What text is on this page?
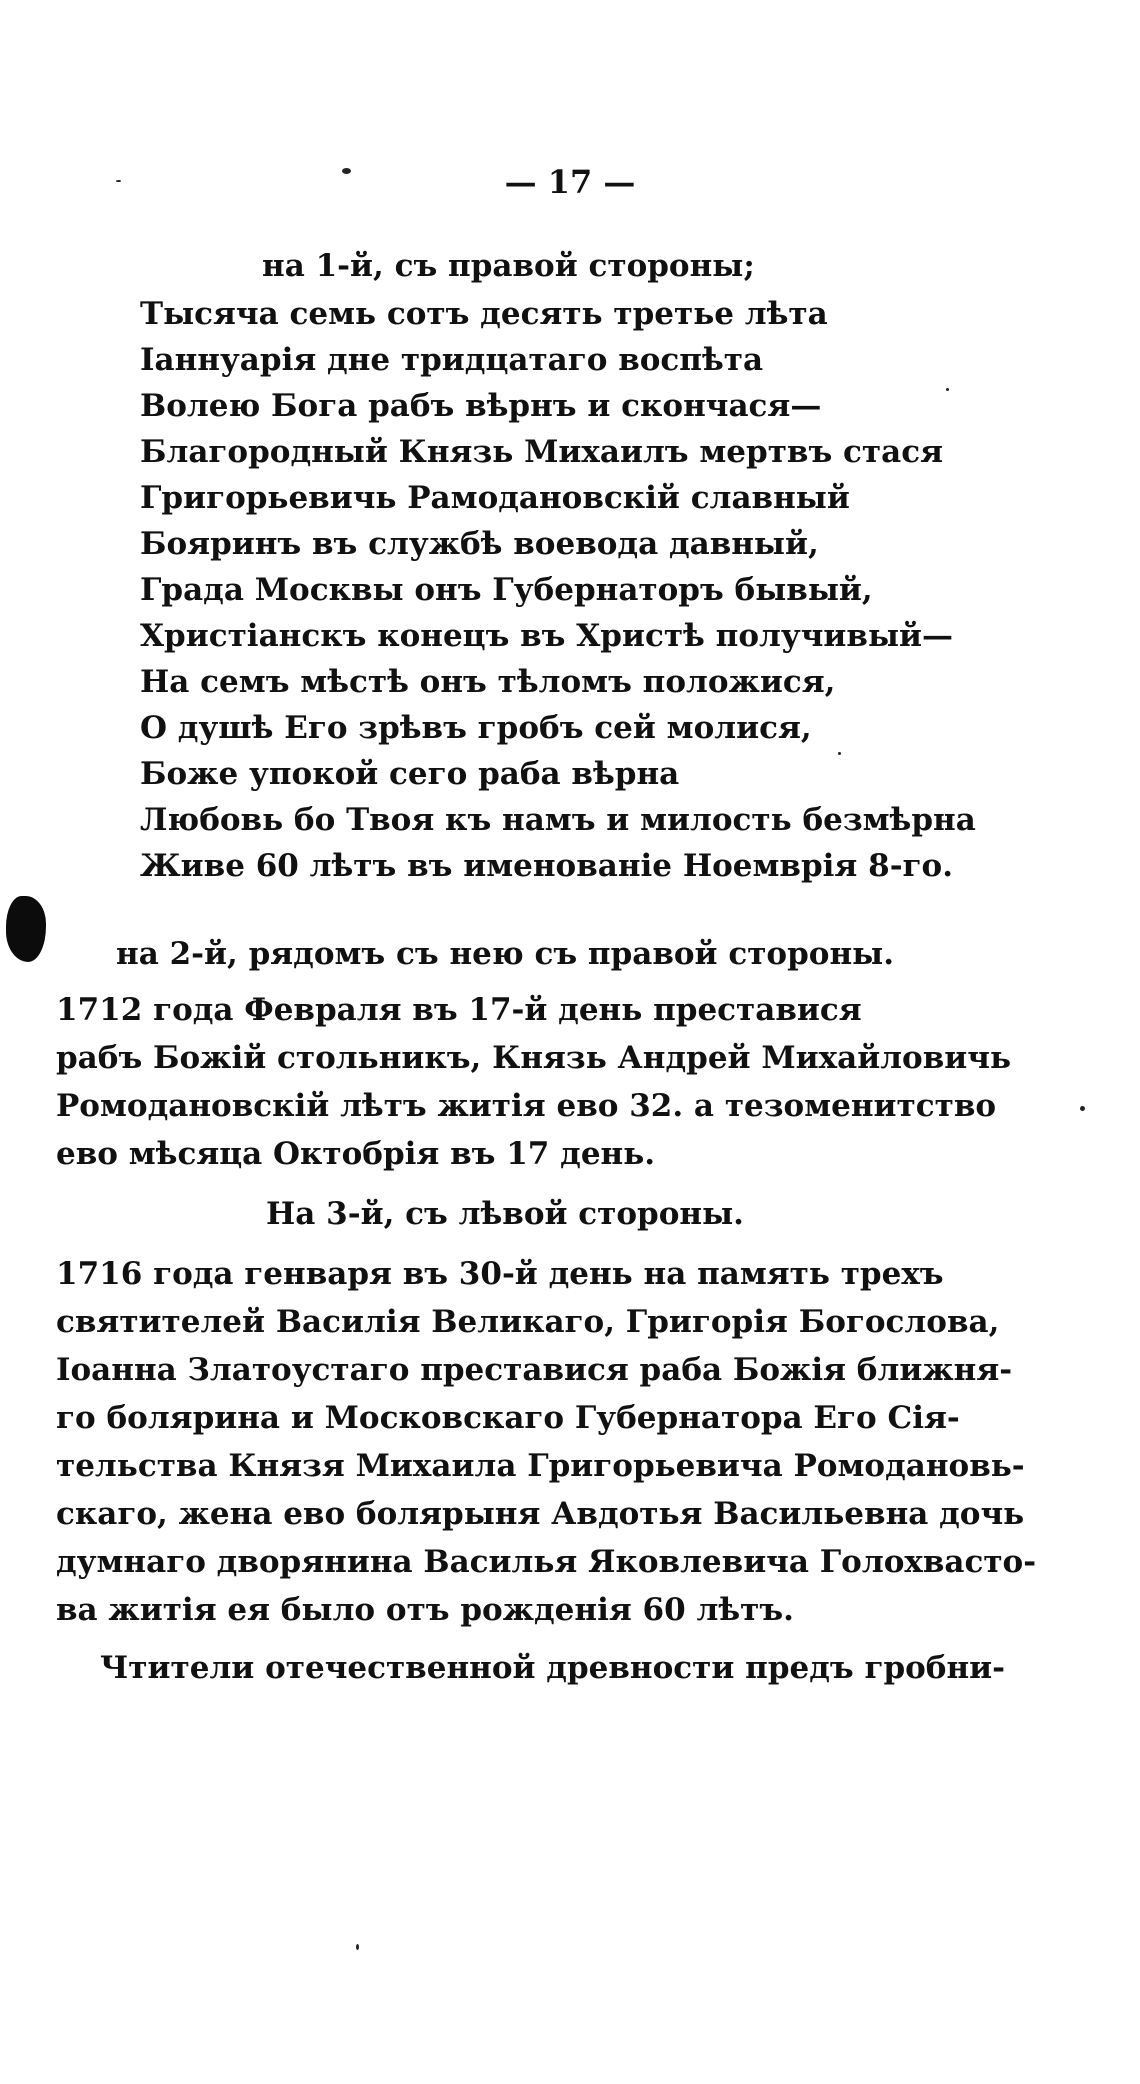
— 17 —
на 1-й, съ правой стороны;
Тысяча семь сотъ десять третье лѣта
Іаннуарія дне тридцатаго воспѣта
Волею Бога рабъ вѣрнъ и скончася—
Благородный Князь Михаилъ мертвъ стася
Григорьевичь Рамодановскій славный
Бояринъ въ службѣ воевода давный,
Града Москвы онъ Губернаторъ бывый,
Христіанскъ конецъ въ Христѣ получивый—
На семъ мѣстѣ онъ тѣломъ положися,
О душѣ Его зрѣвъ гробъ сей молися,
Боже упокой сего раба вѣрна
Любовь бо Твоя къ намъ и милость безмѣрна
Живе 60 лѣтъ въ именованіе Ноемврія 8-го.
на 2-й, рядомъ съ нею съ правой стороны.
1712 года Февраля въ 17-й день преставися
рабъ Божій стольникъ, Князь Андрей Михайловичь
Ромодановскій лѣтъ житія ево 32. а тезоменитство
ево мѣсяца Октобрія въ 17 день.
На 3-й, съ лѣвой стороны.
1716 года генваря въ 30-й день на память трехъ
святителей Василія Великаго, Григорія Богослова,
Іоанна Златоустаго преставися раба Божія ближня-
го болярина и Московскаго Губернатора Его Сія-
тельства Князя Михаила Григорьевича Ромодановь-
скаго, жена ево болярыня Авдотья Васильевна дочь
думнаго дворянина Василья Яковлевича Голохвасто-
ва житія ея было отъ рожденія 60 лѣтъ.
Чтители отечественной древности предъ гробни-
